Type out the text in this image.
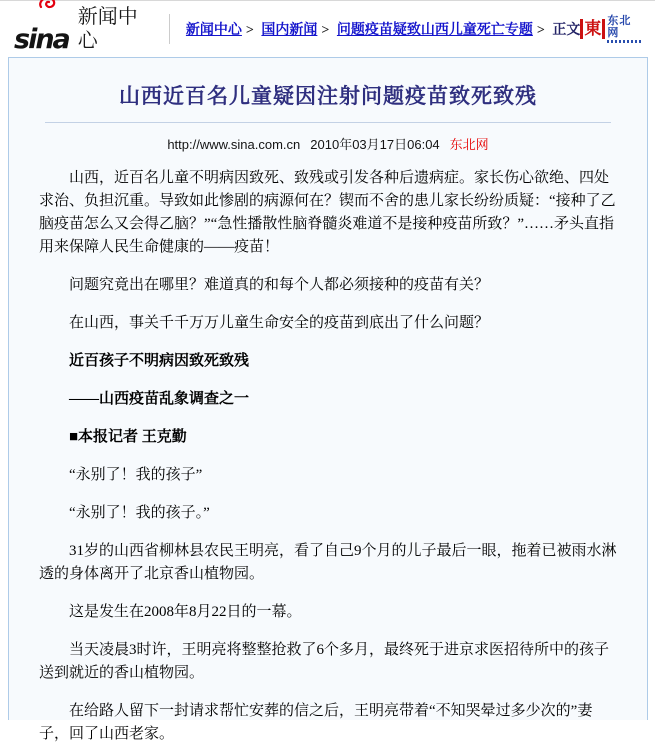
sina
新闻中心	新闻中心 > 国内新闻 > 问题疫苗疑致山西儿童死亡专题 > 正文 東 东北网
山西近百名儿童疑因注射问题疫苗致死致残
http://www.sina.com.cn 2010年03月17日06:04 东北网

山西，近百名儿童不明病因致死、致残或引发各种后遗病症。家长伤心欲绝、四处求治、负担沉重。导致如此惨剧的病源何在？锲而不舍的患儿家长纷纷质疑：“接种了乙脑疫苗怎么又会得乙脑？”“急性播散性脑脊髓炎难道不是接种疫苗所致？”……矛头直指用来保障人民生命健康的——疫苗！

问题究竟出在哪里？难道真的和每个人都必须接种的疫苗有关？

在山西，事关千千万万儿童生命安全的疫苗到底出了什么问题？

近百孩子不明病因致死致残

——山西疫苗乱象调查之一

■本报记者 王克勤

“永别了！我的孩子”

“永别了！我的孩子。”

31岁的山西省柳林县农民王明亮，看了自己9个月的儿子最后一眼，拖着已被雨水淋透的身体离开了北京香山植物园。

这是发生在2008年8月22日的一幕。

当天凌晨3时许，王明亮将整整抢救了6个多月，最终死于进京求医招待所中的孩子送到就近的香山植物园。

在给路人留下一封请求帮忙安葬的信之后，王明亮带着“不知哭晕过多少次的”妻子，回了山西老家。
